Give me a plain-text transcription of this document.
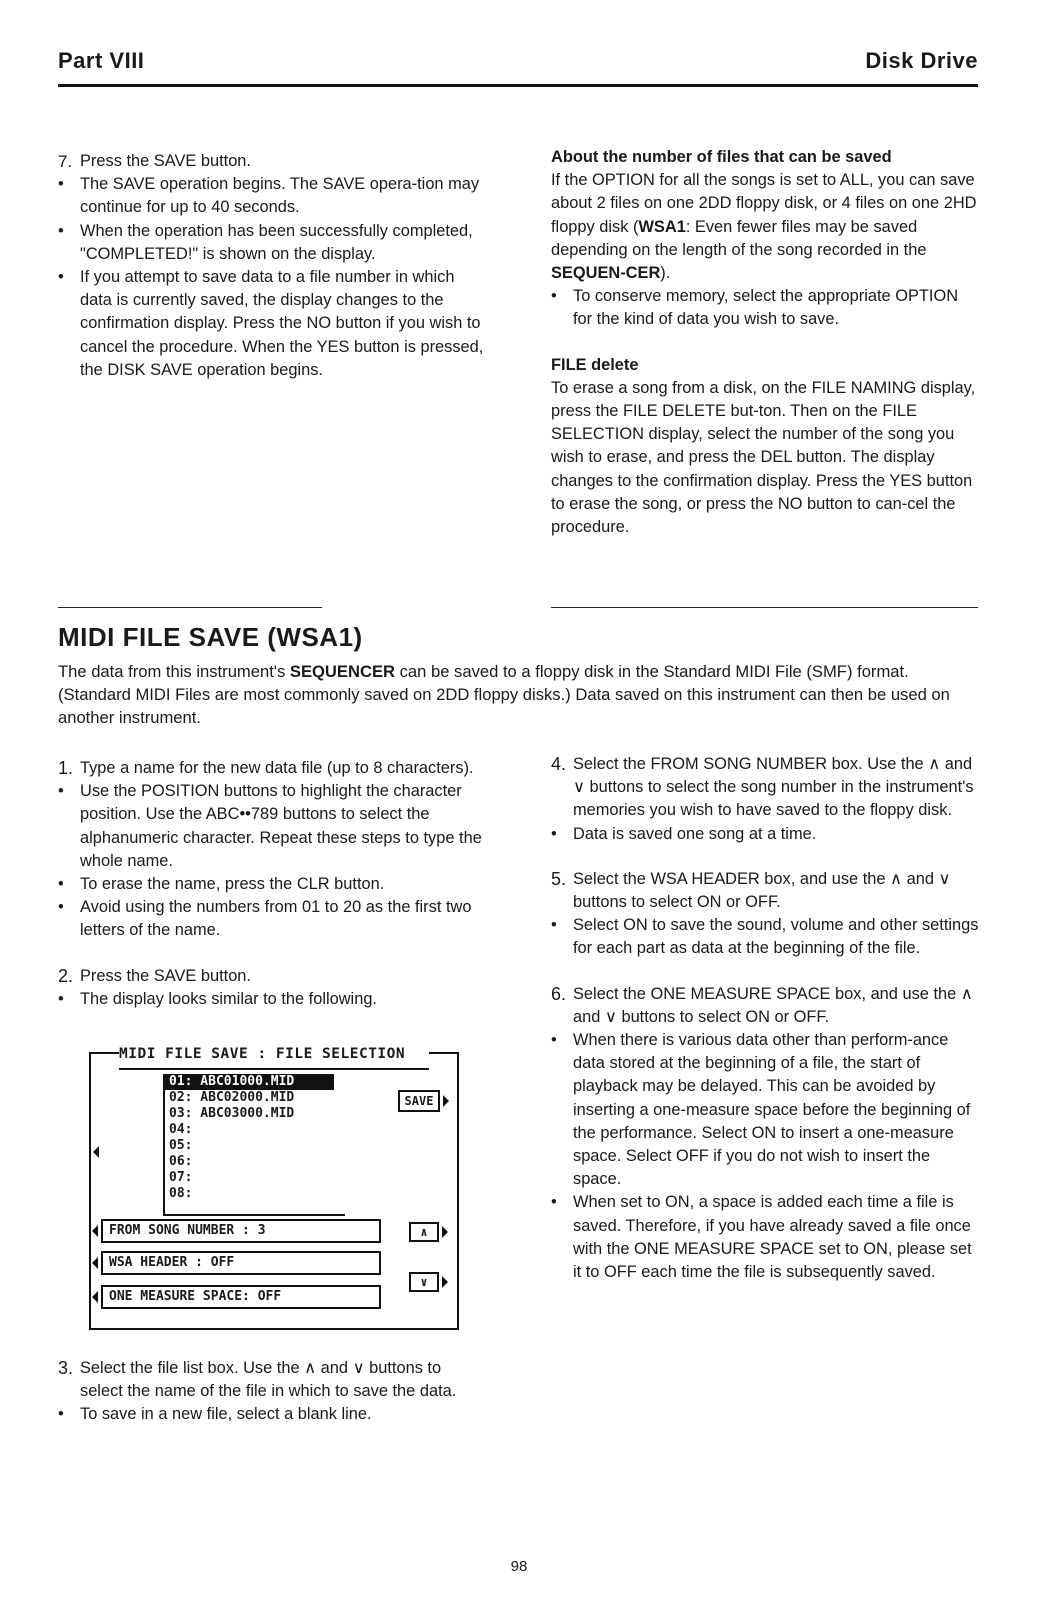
Part VIII	Disk Drive
7. Press the SAVE button.
• The SAVE operation begins. The SAVE opera-tion may continue for up to 40 seconds.
• When the operation has been successfully completed, "COMPLETED!" is shown on the display.
• If you attempt to save data to a file number in which data is currently saved, the display changes to the confirmation display. Press the NO button if you wish to cancel the procedure. When the YES button is pressed, the DISK SAVE operation begins.

About the number of files that can be saved

If the OPTION for all the songs is set to ALL, you can save about 2 files on one 2DD floppy disk, or 4 files on one 2HD floppy disk (WSA1: Even fewer files may be saved depending on the length of the song recorded in the SEQUEN-CER).

• To conserve memory, select the appropriate OPTION for the kind of data you wish to save.

FILE delete

To erase a song from a disk, on the FILE NAMING display, press the FILE DELETE but-ton. Then on the FILE SELECTION display, select the number of the song you wish to erase, and press the DEL button. The display changes to the confirmation display. Press the YES button to erase the song, or press the NO button to can-cel the procedure.

MIDI FILE SAVE (WSA1)
The data from this instrument's SEQUENCER can be saved to a floppy disk in the Standard MIDI File (SMF) format. (Standard MIDI Files are most commonly saved on 2DD floppy disks.) Data saved on this instrument can then be used on another instrument.
1. Type a name for the new data file (up to 8 characters).
• Use the POSITION buttons to highlight the character position. Use the ABC••789 buttons to select the alphanumeric character. Repeat these steps to type the whole name.
• To erase the name, press the CLR button.
• Avoid using the numbers from 01 to 20 as the first two letters of the name.
2. Press the SAVE button.
• The display looks similar to the following.
MIDI FILE SAVE : FILE SELECTION
01: ABC01000.MID
02: ABC02000.MID
03: ABC03000.MID
04:
05:
06:
07:
08:
SAVE
FROM SONG NUMBER : 3	∧
WSA HEADER : OFF
ONE MEASURE SPACE: OFF
∨
3. Select the file list box. Use the ∧ and ∨ buttons to select the name of the file in which to save the data.
• To save in a new file, select a blank line.
4. Select the FROM SONG NUMBER box. Use the ∧ and ∨ buttons to select the song number in the instrument's memories you wish to have saved to the floppy disk.
• Data is saved one song at a time.
5. Select the WSA HEADER box, and use the ∧ and ∨ buttons to select ON or OFF.
• Select ON to save the sound, volume and other settings for each part as data at the beginning of the file.
6. Select the ONE MEASURE SPACE box, and use the ∧ and ∨ buttons to select ON or OFF.
• When there is various data other than perform-ance data stored at the beginning of a file, the start of playback may be delayed. This can be avoided by inserting a one-measure space before the beginning of the performance. Select ON to insert a one-measure space. Select OFF if you do not wish to insert the space.
• When set to ON, a space is added each time a file is saved. Therefore, if you have already saved a file once with the ONE MEASURE SPACE set to ON, please set it to OFF each time the file is subsequently saved.
98
